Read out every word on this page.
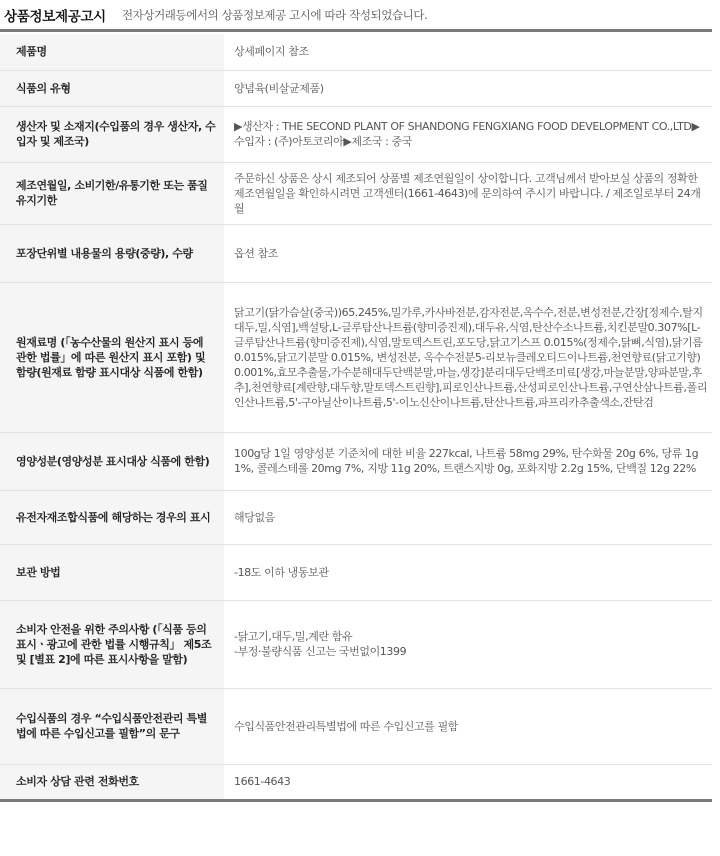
상품정보제공고시 전자상거래등에서의 상품정보제공 고시에 따라 작성되었습니다.
제품명	상세페이지 참조
식품의 유형	양념육(비살균제품)
생산자 및 소재지(수입품의 경우 생산자, 수입자 및 제조국)	▶생산자 : THE SECOND PLANT OF SHANDONG FENGXIANG FOOD DEVELOPMENT CO.,LTD▶수입자 : (주)아토코리아▶제조국 : 중국
제조연월일, 소비기한/유통기한 또는 품질유지기한	주문하신 상품은 상시 제조되어 상품별 제조연월일이 상이합니다. 고객님께서 받아보실 상품의 정확한 제조연월일을 확인하시려면 고객센터(1661-4643)에 문의하여 주시기 바랍니다. / 제조일로부터 24개월
포장단위별 내용물의 용량(중량), 수량	옵션 참조
원재료명 (「농수산물의 원산지 표시 등에 관한 법률」에 따른 원산지 표시 포함) 및 함량(원재료 함량 표시대상 식품에 한함)	닭고기(닭가슴살(중국))65.245%,밀가루,카사바전분,감자전분,옥수수,전분,변성전분,간장[정제수,탈지대두,밀,식염],백설탕,L-글루탐산나트륨(향미증진제),대두유,식염,탄산수소나트륨,치킨분말0.307%[L-글루탐산나트륨(향미증진제),식염,말토덱스트린,포도당,닭고기스프 0.015%(정제수,닭뼈,식염),닭기름0.015%,닭고기분말 0.015%, 변성전분, 옥수수전분5-리보뉴클레오티드이나트륨,천연향료(닭고기향)0.001%,효모추출물,가수분해대두단백분말,마늘,생강]분리대두단백조미료[생강,마늘분말,양파분말,후추],천연향료[계란향,대두향,말토덱스트린향],피로인산나트륨,산성피로인산나트륨,구연산삼나트륨,폴리인산나트륨,5'-구아닐산이나트륨,5'-이노신산이나트륨,탄산나트륨,파프리카추출색소,잔탄검
영양성분(영양성분 표시대상 식품에 한함)	100g당 1일 영양성분 기준치에 대한 비율 227kcal, 나트륨 58mg 29%, 탄수화물 20g 6%, 당류 1g 1%, 콜레스테롤 20mg 7%, 지방 11g 20%, 트랜스지방 0g, 포화지방 2.2g 15%, 단백질 12g 22%
유전자재조합식품에 해당하는 경우의 표시	해당없음
보관 방법	-18도 이하 냉동보관
소비자 안전을 위한 주의사항 (「식품 등의 표시ㆍ광고에 관한 법률 시행규칙」 제5조 및 [별표 2]에 따른 표시사항을 말함)	-닭고기,대두,밀,계란 함유
-부정·불량식품 신고는 국번없이1399
수입식품의 경우 “수입식품안전관리 특별법에 따른 수입신고를 필함”의 문구	수입식품안전관리특별법에 따른 수입신고를 필함
소비자 상담 관련 전화번호	1661-4643
